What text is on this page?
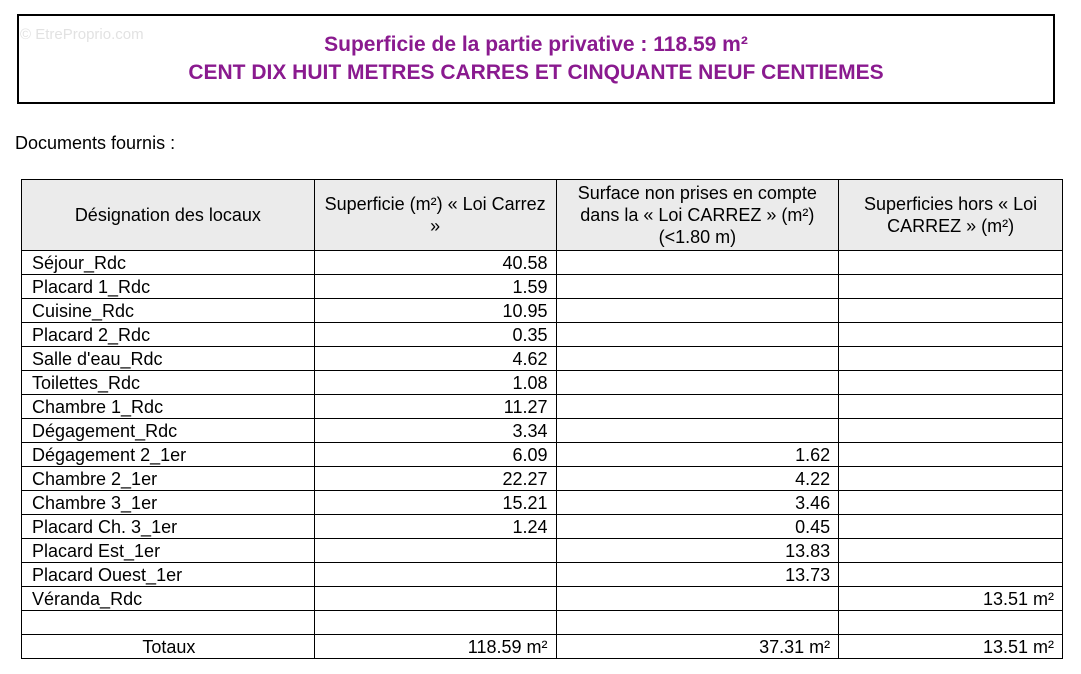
© EtreProprio.com	Superficie de la partie privative : 118.59 m²
CENT DIX HUIT METRES CARRES ET CINQUANTE NEUF CENTIEMES
Documents fournis :
Désignation des locaux	Superficie (m²) « Loi Carrez »	Surface non prises en compte dans la « Loi CARREZ » (m²) (<1.80 m)	Superficies hors « Loi CARREZ » (m²)
Séjour_Rdc	40.58		
Placard 1_Rdc	1.59		
Cuisine_Rdc	10.95		
Placard 2_Rdc	0.35		
Salle d'eau_Rdc	4.62		
Toilettes_Rdc	1.08		
Chambre 1_Rdc	11.27		
Dégagement_Rdc	3.34		
Dégagement 2_1er	6.09	1.62	
Chambre 2_1er	22.27	4.22	
Chambre 3_1er	15.21	3.46	
Placard Ch. 3_1er	1.24	0.45	
Placard Est_1er		13.83	
Placard Ouest_1er		13.73	
Véranda_Rdc			13.51 m²

Totaux	118.59 m²	37.31 m²	13.51 m²
